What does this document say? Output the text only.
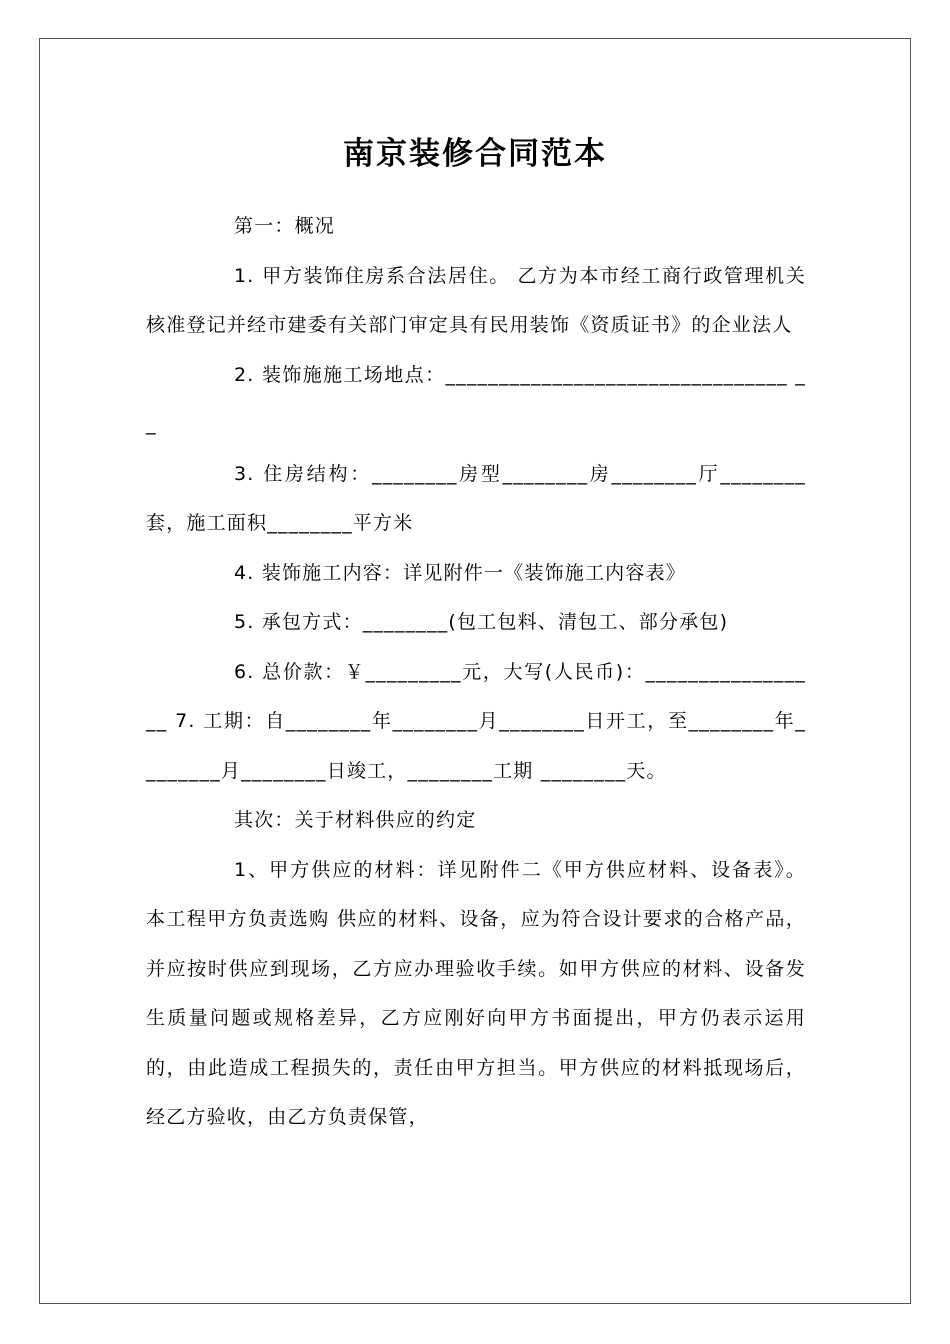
南京装修合同范本

第一：概况

1. 甲方装饰住房系合法居住。 乙方为本市经工商行政管理机关核准登记并经市建委有关部门审定具有民用装饰《资质证书》的企业法人

2. 装饰施施工场地点：________________________________ __

3. 住房结构：________房型________房________厅________套，施工面积________平方米

4. 装饰施工内容：详见附件一《装饰施工内容表》

5. 承包方式：________(包工包料、清包工、部分承包)

6. 总价款：￥_________元，大写(人民币)：_________________ 7. 工期：自________年________月________日开工，至________年________月________日竣工，________工期 ________天。

其次：关于材料供应的约定

1、甲方供应的材料：详见附件二《甲方供应材料、设备表》。 本工程甲方负责选购 供应的材料、设备，应为符合设计要求的合格产品，并应按时供应到现场，乙方应办理验收手续。如甲方供应的材料、设备发生质量问题或规格差异，乙方应刚好向甲方书面提出，甲方仍表示运用的，由此造成工程损失的，责任由甲方担当。甲方供应的材料抵现场后，经乙方验收，由乙方负责保管，
